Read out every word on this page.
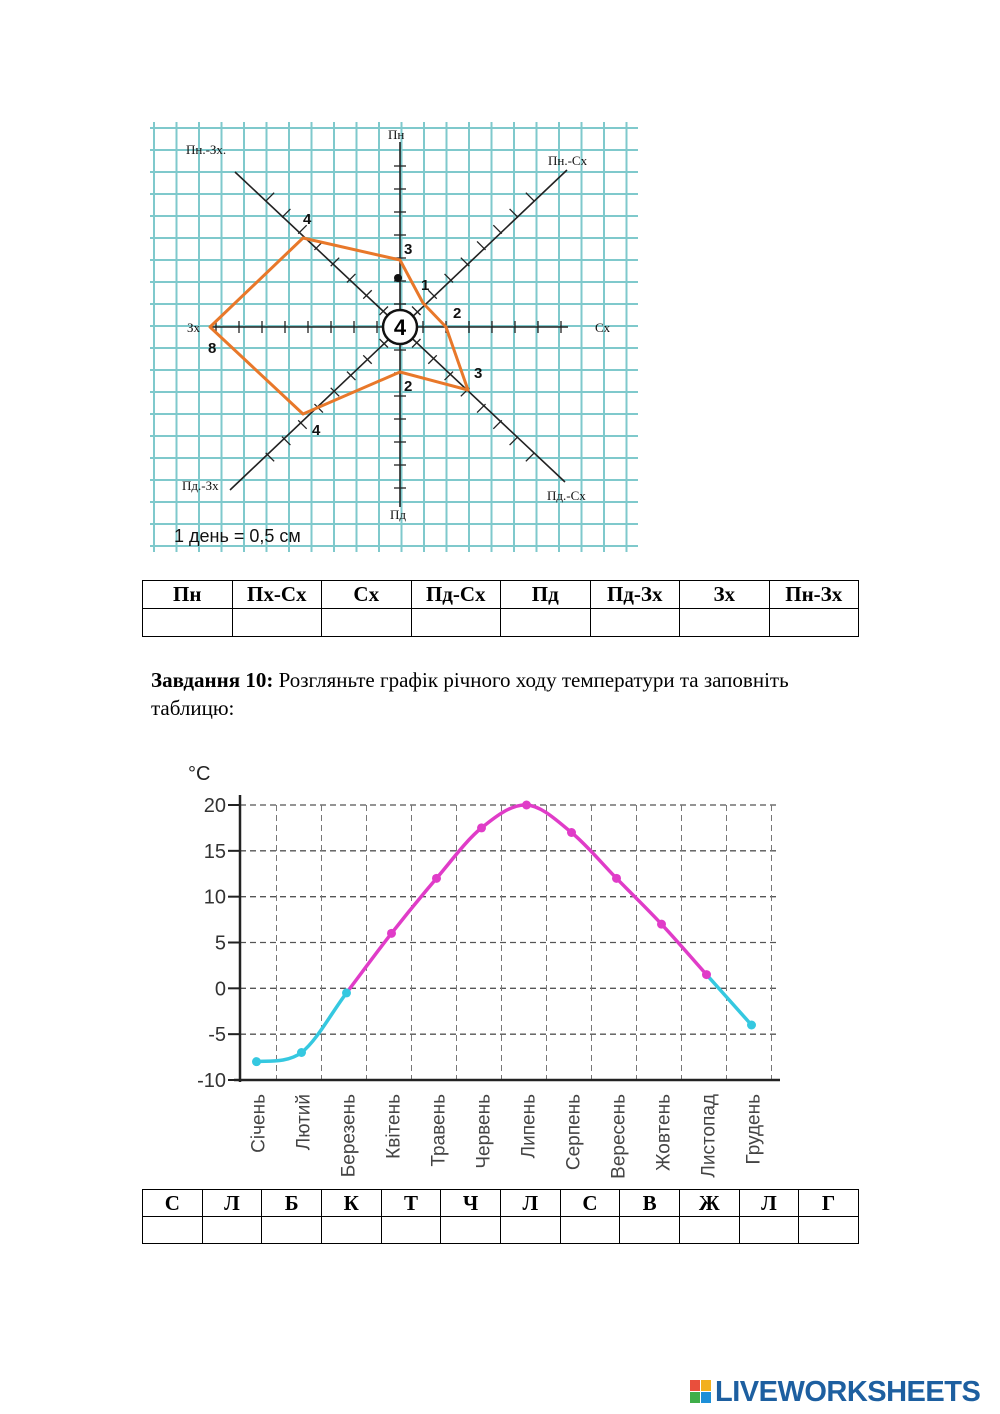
4
Пн
Пн.-Сх
Сх
Пд.-Сх
Пд
Пд.-Зх
Зх
Пн.-Зх.
3
1
2
3
2
4
8
4
1 день = 0,5 см
Пн	Пх-Сх	Сх	Пд-Сх	Пд	Пд-Зх	Зх	Пн-Зх

Завдання 10: Розгляньте графік річного ходу температури та заповніть таблицю:
20
15
10
5
0
-5
-10
Січень Лютий Березень Квітень Травень Червень Липень Серпень Вересень Жовтень Листопад Грудень
°C
С	Л	Б	К	Т	Ч	Л	С	В	Ж	Л	Г

LIVEWORKSHEETS
